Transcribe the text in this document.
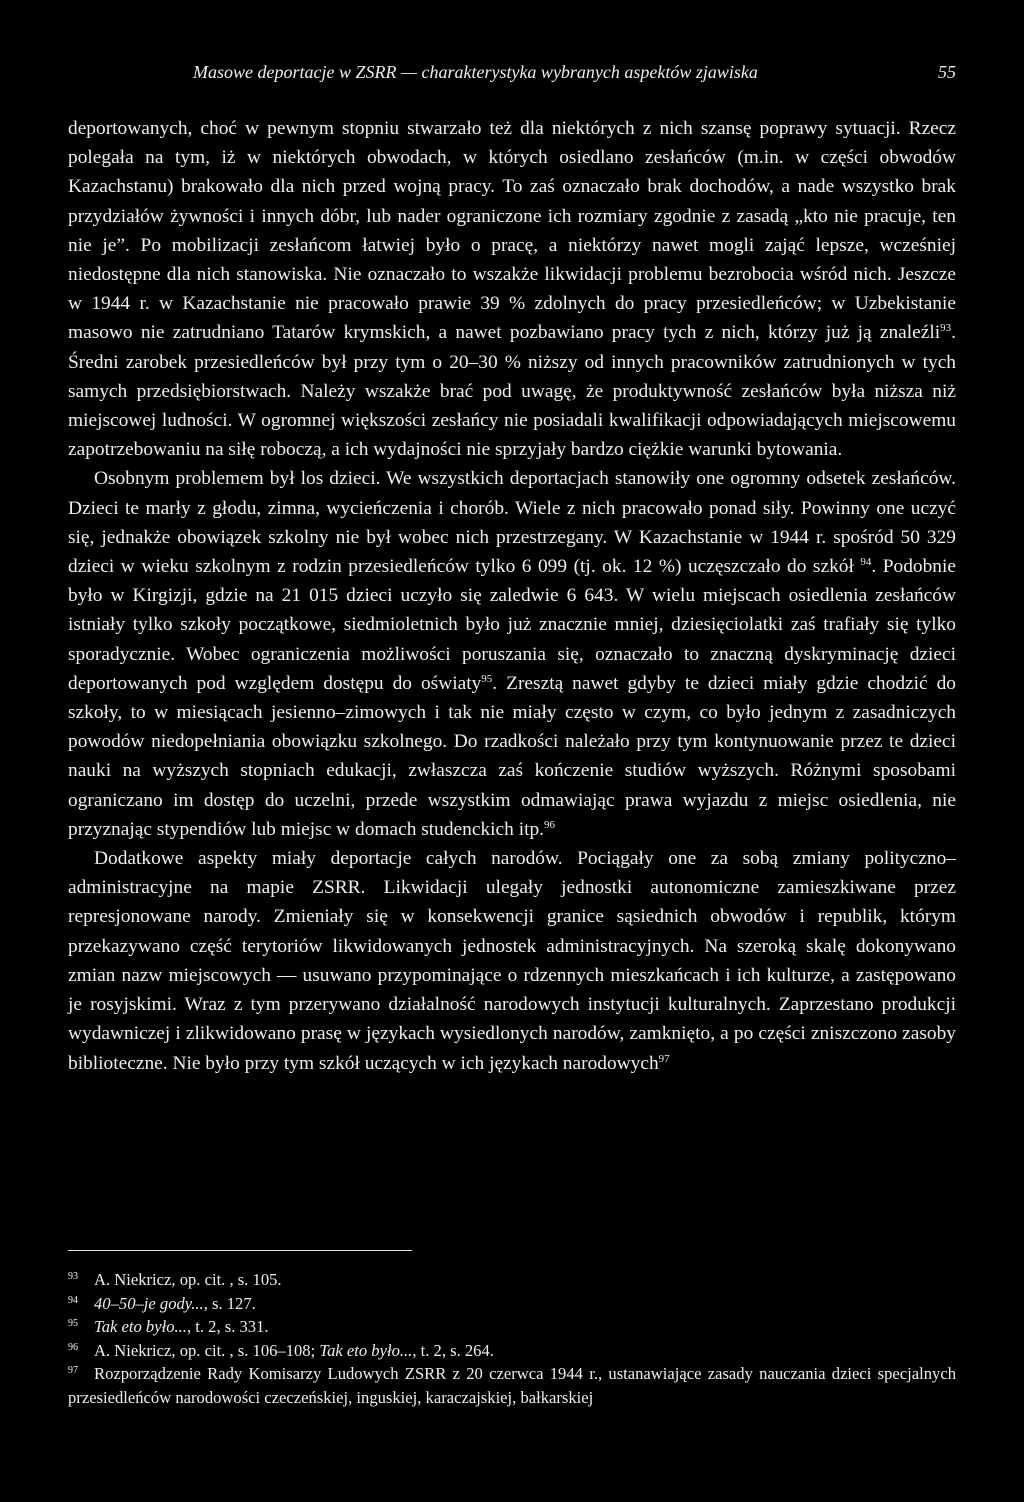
Masowe deportacje w ZSRR — charakterystyka wybranych aspektów zjawiska	55

deportowanych, choć w pewnym stopniu stwarzało też dla niektórych z nich szansę poprawy sytuacji. Rzecz polegała na tym, iż w niektórych obwodach, w których osiedlano zesłańców (m.in. w części obwodów Kazachstanu) brakowało dla nich przed wojną pracy. To zaś oznaczało brak dochodów, a nade wszystko brak przydziałów żywności i innych dóbr, lub nader ograniczone ich rozmiary zgodnie z zasadą „kto nie pracuje, ten nie je”. Po mobilizacji zesłańcom łatwiej było o pracę, a niektórzy nawet mogli zająć lepsze, wcześniej niedostępne dla nich stanowiska. Nie oznaczało to wszakże likwidacji problemu bezrobocia wśród nich. Jeszcze w 1944 r. w Kazachstanie nie pracowało prawie 39 % zdolnych do pracy przesiedleńców; w Uzbekistanie masowo nie zatrudniano Tatarów krymskich, a nawet pozbawiano pracy tych z nich, którzy już ją znaleźli$^{93}$. Średni zarobek przesiedleńców był przy tym o 20–30 % niższy od innych pracowników zatrudnionych w tych samych przedsiębiorstwach. Należy wszakże brać pod uwagę, że produktywność zesłańców była niższa niż miejscowej ludności. W ogromnej większości zesłańcy nie posiadali kwalifikacji odpowiadających miejscowemu zapotrzebowaniu na siłę roboczą, a ich wydajności nie sprzyjały bardzo ciężkie warunki bytowania.

Osobnym problemem był los dzieci. We wszystkich deportacjach stanowiły one ogromny odsetek zesłańców. Dzieci te marły z głodu, zimna, wycieńczenia i chorób. Wiele z nich pracowało ponad siły. Powinny one uczyć się, jednakże obowiązek szkolny nie był wobec nich przestrzegany. W Kazachstanie w 1944 r. spośród 50 329 dzieci w wieku szkolnym z rodzin przesiedleńców tylko 6 099 (tj. ok. 12 %) uczęszczało do szkół $^{94}$. Podobnie było w Kirgizji, gdzie na 21 015 dzieci uczyło się zaledwie 6 643. W wielu miejscach osiedlenia zesłańców istniały tylko szkoły początkowe, siedmioletnich było już znacznie mniej, dziesięciolatki zaś trafiały się tylko sporadycznie. Wobec ograniczenia możliwości poruszania się, oznaczało to znaczną dyskryminację dzieci deportowanych pod względem dostępu do oświaty$^{95}$. Zresztą nawet gdyby te dzieci miały gdzie chodzić do szkoły, to w miesiącach jesienno–zimowych i tak nie miały często w czym, co było jednym z zasadniczych powodów niedopełniania obowiązku szkolnego. Do rzadkości należało przy tym kontynuowanie przez te dzieci nauki na wyższych stopniach edukacji, zwłaszcza zaś kończenie studiów wyższych. Różnymi sposobami ograniczano im dostęp do uczelni, przede wszystkim odmawiając prawa wyjazdu z miejsc osiedlenia, nie przyznając stypendiów lub miejsc w domach studenckich itp.$^{96}$

Dodatkowe aspekty miały deportacje całych narodów. Pociągały one za sobą zmiany polityczno–administracyjne na mapie ZSRR. Likwidacji ulegały jednostki autonomiczne zamieszkiwane przez represjonowane narody. Zmieniały się w konsekwencji granice sąsiednich obwodów i republik, którym przekazywano część terytoriów likwidowanych jednostek administracyjnych. Na szeroką skalę dokonywano zmian nazw miejscowych — usuwano przypominające o rdzennych mieszkańcach i ich kulturze, a zastępowano je rosyjskimi. Wraz z tym przerywano działalność narodowych instytucji kulturalnych. Zaprzestano produkcji wydawniczej i zlikwidowano prasę w językach wysiedlonych narodów, zamknięto, a po części zniszczono zasoby biblioteczne. Nie było przy tym szkół uczących w ich językach narodowych$^{97}$

93 A. Niekricz, op. cit. , s. 105.

94 40–50–je gody..., s. 127.

95 Tak eto było..., t. 2, s. 331.

96 A. Niekricz, op. cit. , s. 106–108; Tak eto było..., t. 2, s. 264.

97 Rozporządzenie Rady Komisarzy Ludowych ZSRR z 20 czerwca 1944 r., ustanawiające zasady nauczania dzieci specjalnych przesiedleńców narodowości czeczeńskiej, inguskiej, karaczajskiej, bałkarskiej
